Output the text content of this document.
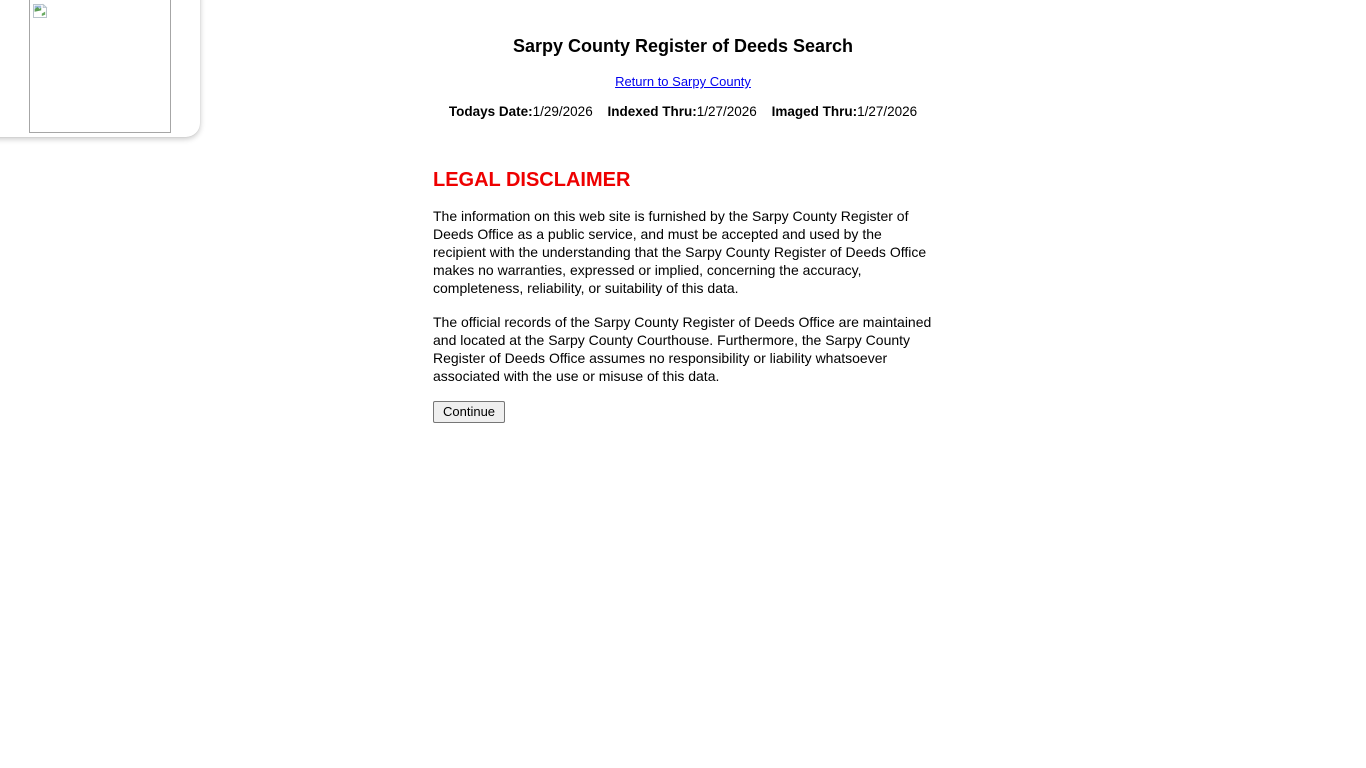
Sarpy County Register of Deeds Search
Return to Sarpy County
Todays Date:1/29/2026 Indexed Thru:1/27/2026 Imaged Thru:1/27/2026
LEGAL DISCLAIMER

The information on this web site is furnished by the Sarpy County Register of Deeds Office as a public service, and must be accepted and used by the recipient with the understanding that the Sarpy County Register of Deeds Office makes no warranties, expressed or implied, concerning the accuracy, completeness, reliability, or suitability of this data.

The official records of the Sarpy County Register of Deeds Office are maintained and located at the Sarpy County Courthouse. Furthermore, the Sarpy County Register of Deeds Office assumes no responsibility or liability whatsoever associated with the use or misuse of this data.

Continue
